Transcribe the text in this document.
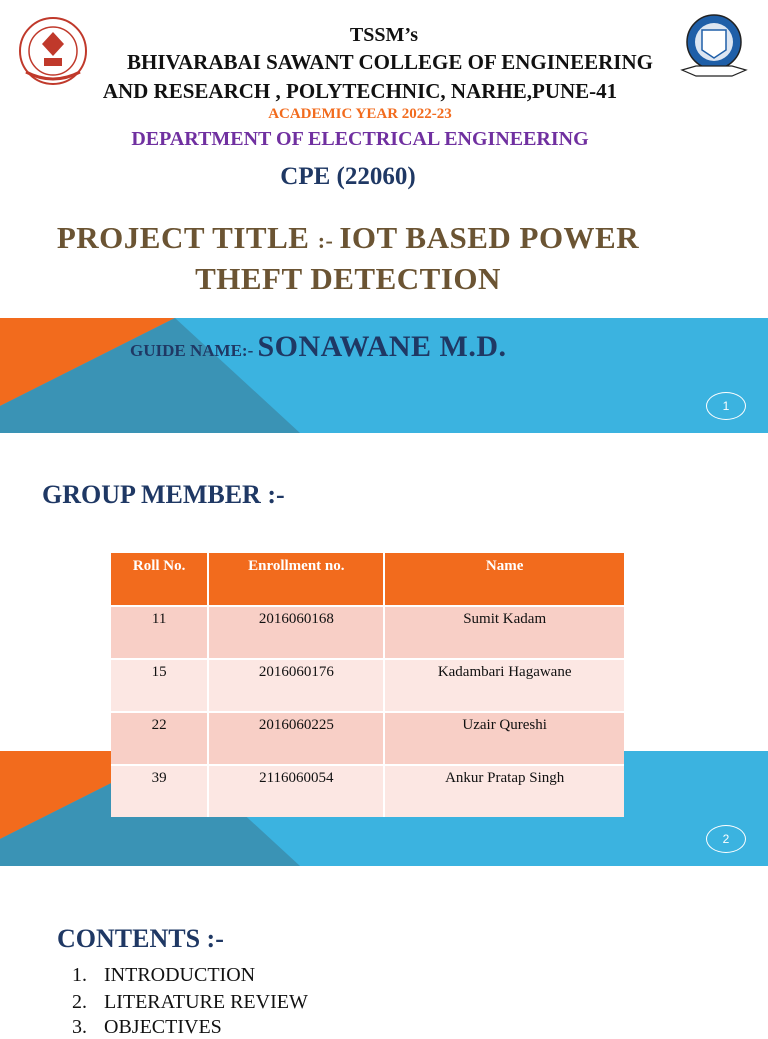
TSSM’s
BHIVARABAI SAWANT COLLEGE OF ENGINEERING
AND RESEARCH , POLYTECHNIC, NARHE,PUNE-41
ACADEMIC YEAR 2022-23
DEPARTMENT OF ELECTRICAL ENGINEERING
CPE (22060)
PROJECT TITLE :- IOT BASED POWER
THEFT DETECTION
GUIDE NAME:- SONAWANE M.D.
1
GROUP MEMBER :-
Roll No.	Enrollment no.	Name
11	2016060168	Sumit Kadam
15	2016060176	Kadambari Hagawane
22	2016060225	Uzair Qureshi
39	2116060054	Ankur Pratap Singh
2
CONTENTS :-
1. INTRODUCTION
2. LITERATURE REVIEW
3. OBJECTIVES
